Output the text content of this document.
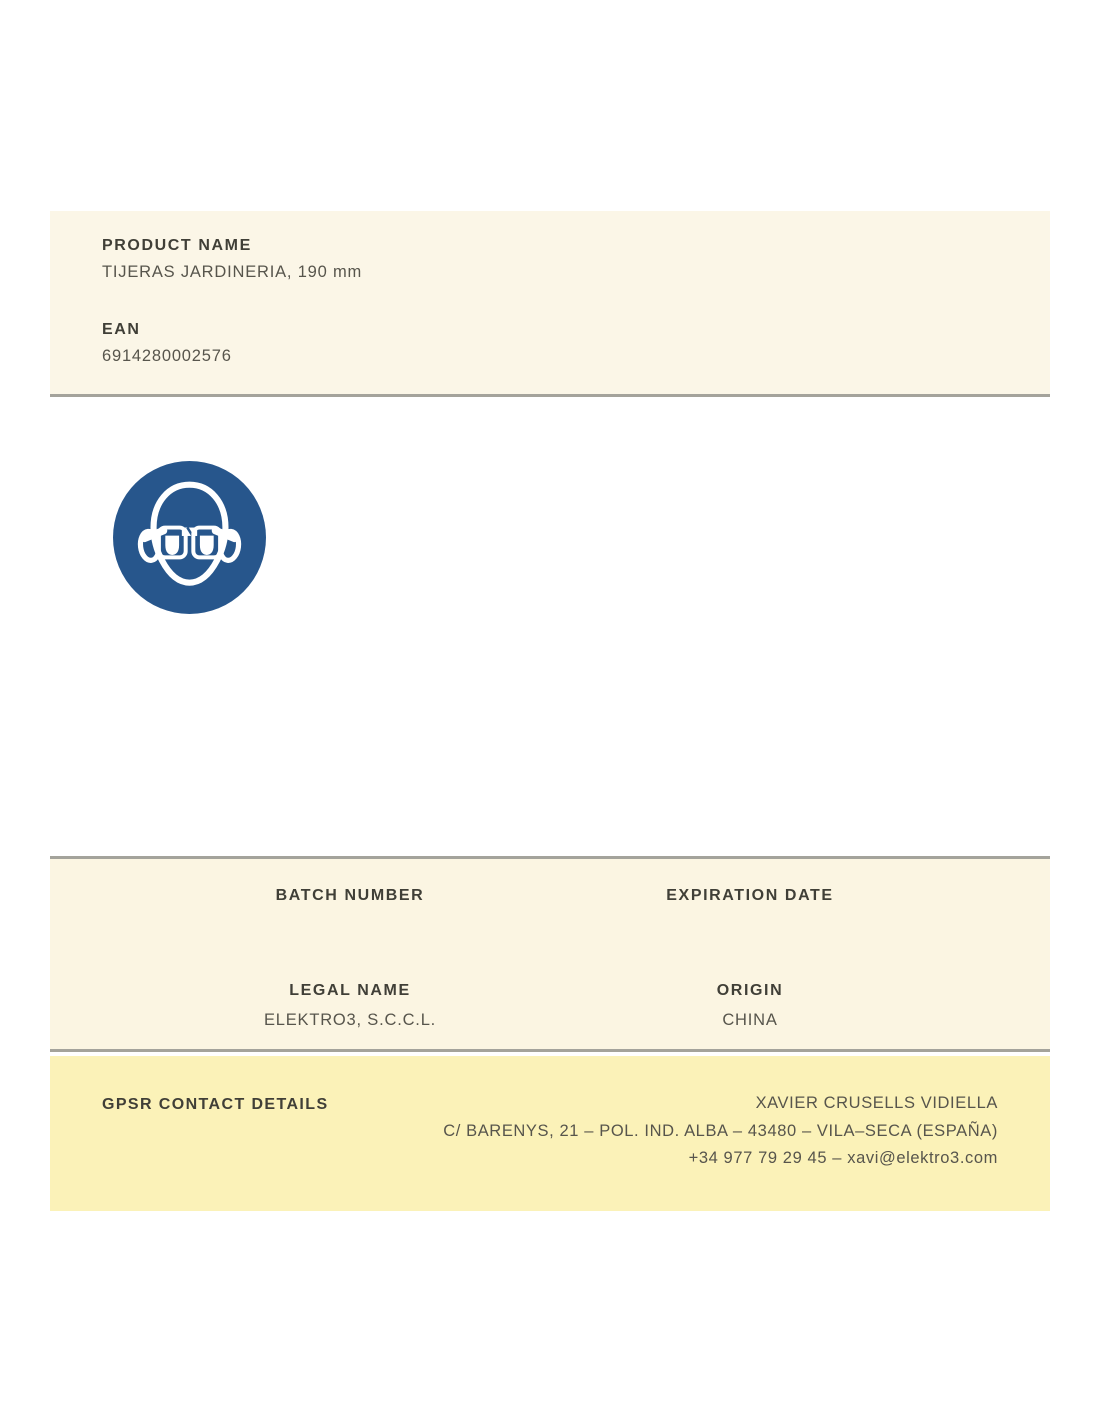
PRODUCT NAME
TIJERAS JARDINERIA, 190 mm
EAN
6914280002576
BATCH NUMBER	EXPIRATION DATE
LEGAL NAME
ELEKTRO3, S.C.C.L.
ORIGIN
CHINA
GPSR CONTACT DETAILS	XAVIER CRUSELLS VIDIELLA
C/ BARENYS, 21 – POL. IND. ALBA – 43480 – VILA–SECA (ESPAÑA)
+34 977 79 29 45 – xavi@elektro3.com
